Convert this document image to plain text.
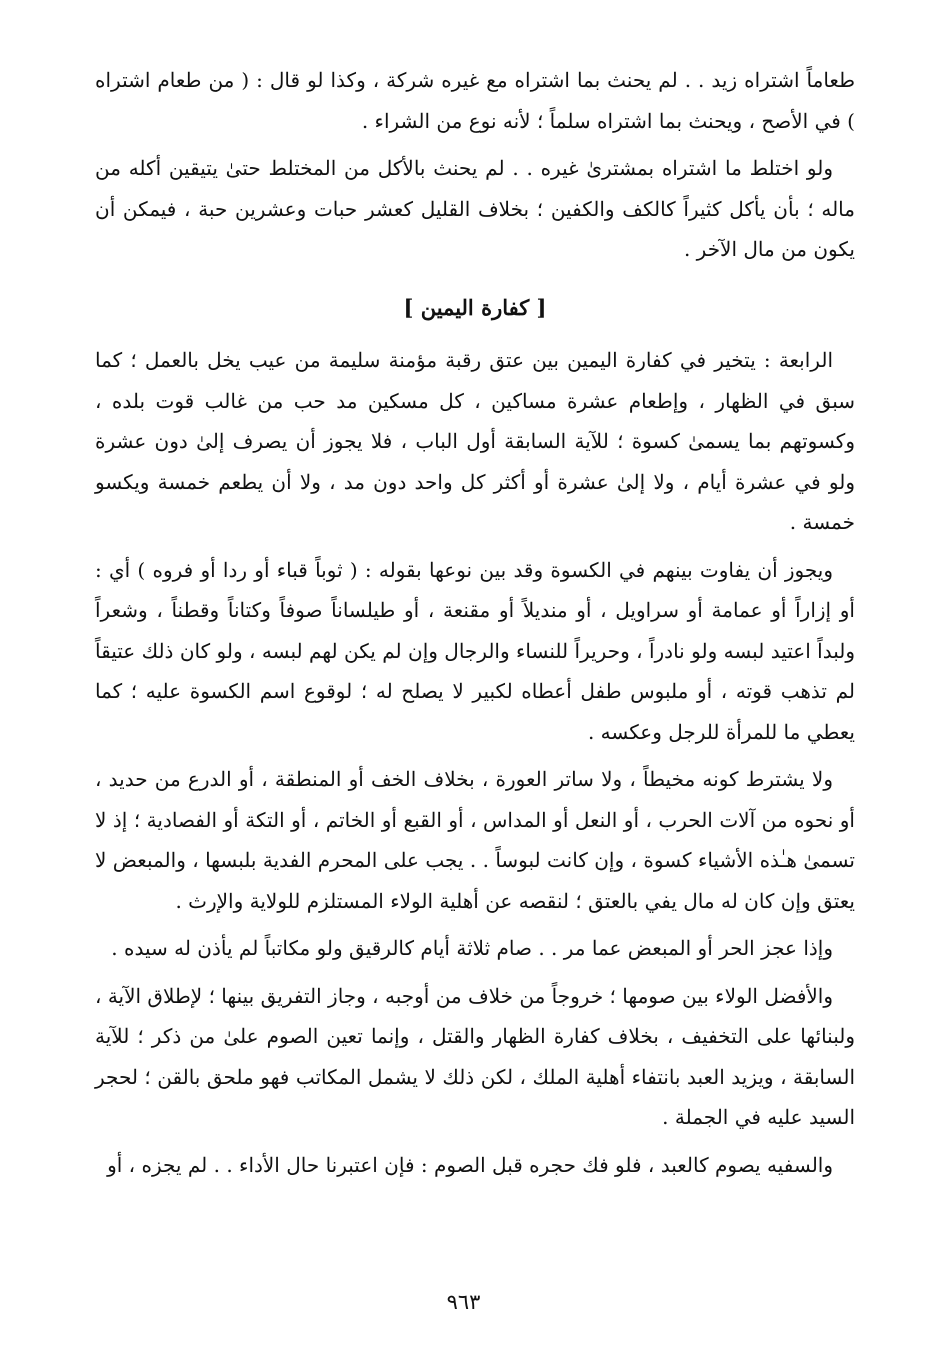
طعاماً اشتراه زيد . . لم يحنث بما اشتراه مع غيره شركة ، وكذا لو قال : ( من طعام اشتراه ) في الأصح ، ويحنث بما اشتراه سلماً ؛ لأنه نوع من الشراء .

ولو اختلط ما اشتراه بمشترىٰ غيره . . لم يحنث بالأكل من المختلط حتىٰ يتيقين أكله من ماله ؛ بأن يأكل كثيراً كالكف والكفين ؛ بخلاف القليل كعشر حبات وعشرين حبة ، فيمكن أن يكون من مال الآخر .

[ كفارة اليمين ]

الرابعة : يتخير في كفارة اليمين بين عتق رقبة مؤمنة سليمة من عيب يخل بالعمل ؛ كما سبق في الظهار ، وإطعام عشرة مساكين ، كل مسكين مد حب من غالب قوت بلده ، وكسوتهم بما يسمىٰ كسوة ؛ للآية السابقة أول الباب ، فلا يجوز أن يصرف إلىٰ دون عشرة ولو في عشرة أيام ، ولا إلىٰ عشرة أو أكثر كل واحد دون مد ، ولا أن يطعم خمسة ويكسو خمسة .

ويجوز أن يفاوت بينهم في الكسوة وقد بين نوعها بقوله : ( ثوباً قباء أو ردا أو فروه ) أي : أو إزاراً أو عمامة أو سراويل ، أو منديلاً أو مقنعة ، أو طيلساناً صوفاً وكتاناً وقطناً ، وشعراً ولبداً اعتيد لبسه ولو نادراً ، وحريراً للنساء والرجال وإن لم يكن لهم لبسه ، ولو كان ذلك عتيقاً لم تذهب قوته ، أو ملبوس طفل أعطاه لكبير لا يصلح له ؛ لوقوع اسم الكسوة عليه ؛ كما يعطي ما للمرأة للرجل وعكسه .

ولا يشترط كونه مخيطاً ، ولا ساتر العورة ، بخلاف الخف أو المنطقة ، أو الدرع من حديد ، أو نحوه من آلات الحرب ، أو النعل أو المداس ، أو القبع أو الخاتم ، أو التكة أو الفصادية ؛ إذ لا تسمىٰ هـٰذه الأشياء كسوة ، وإن كانت لبوساً . . يجب على المحرم الفدية بلبسها ، والمبعض لا يعتق وإن كان له مال يفي بالعتق ؛ لنقصه عن أهلية الولاء المستلزم للولاية والإرث .

وإذا عجز الحر أو المبعض عما مر . . صام ثلاثة أيام كالرقيق ولو مكاتباً لم يأذن له سيده .

والأفضل الولاء بين صومها ؛ خروجاً من خلاف من أوجبه ، وجاز التفريق بينها ؛ لإطلاق الآية ، ولبنائها على التخفيف ، بخلاف كفارة الظهار والقتل ، وإنما تعين الصوم علىٰ من ذكر ؛ للآية السابقة ، ويزيد العبد بانتفاء أهلية الملك ، لكن ذلك لا يشمل المكاتب فهو ملحق بالقن ؛ لحجر السيد عليه في الجملة .

والسفيه يصوم كالعبد ، فلو فك حجره قبل الصوم : فإن اعتبرنا حال الأداء . . لم يجزه ، أو

٩٦٣
